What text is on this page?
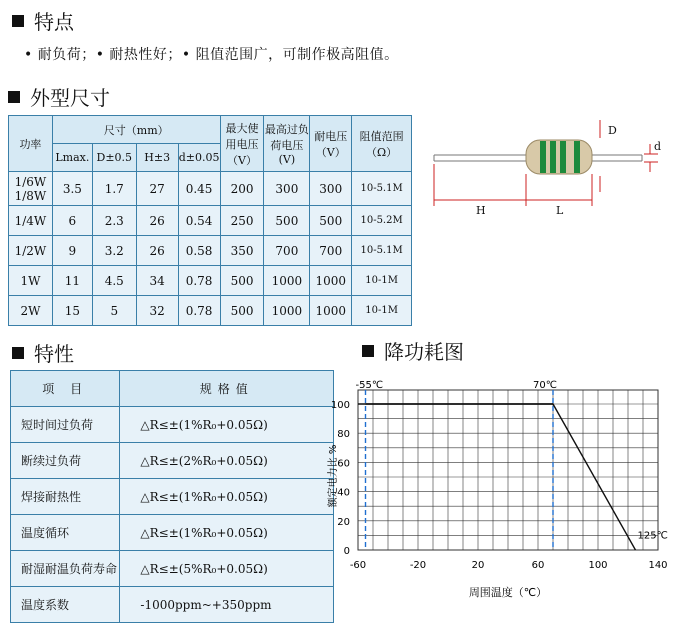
特点
• 耐负荷；• 耐热性好；• 阻值范围广，可制作极高阻值。
外型尺寸
功率	尺寸（mm）				最大使用电压（V）	最高过负荷电压(V)	耐电压（V）	阻值范围（Ω）
	Lmax.	D±0.5	H±3	d±0.05				
1/6W
1/8W	3.5	1.7	27	0.45	200	300	300	10-5.1M
1/4W	6	2.3	26	0.54	250	500	500	10-5.2M
1/2W	9	3.2	26	0.58	350	700	700	10-5.1M
1W	11	4.5	34	0.78	500	1000	1000	10-1M
2W	15	5	32	0.78	500	1000	1000	10-1M
D
d
H	L
特性
项 目	规格值
短时间过负荷	△R≤±(1%R₀+0.05Ω)
断续过负荷	△R≤±(2%R₀+0.05Ω)
焊接耐热性	△R≤±(1%R₀+0.05Ω)
温度循环	△R≤±(1%R₀+0.05Ω)
耐湿耐温负荷寿命	△R≤±(5%R₀+0.05Ω)
温度系数	-1000ppm~+350ppm
降功耗图
-55℃	70℃
125℃
-60	-20	20	60	100	140
0
20
40
60
80
100
额定电力比 %
周围温度（℃）
